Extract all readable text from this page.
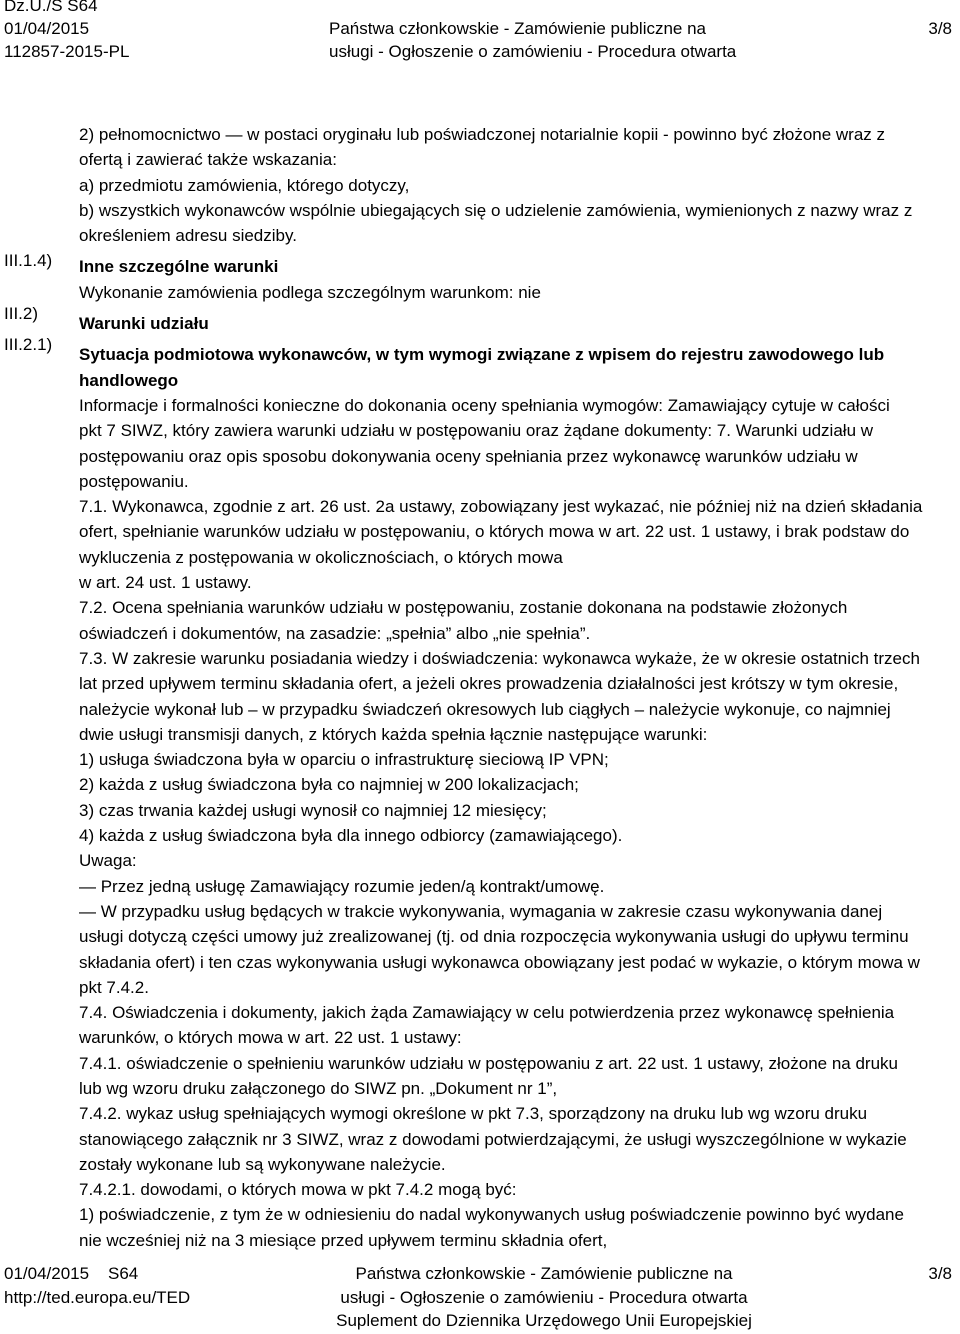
Dz.U./S S64
01/04/2015
112857-2015-PL
Państwa członkowskie - Zamówienie publiczne na
usługi - Ogłoszenie o zamówieniu - Procedura otwarta
3/8
III.1.4)
III.2)
III.2.1)

2) pełnomocnictwo — w postaci oryginału lub poświadczonej notarialnie kopii - powinno być złożone wraz z
ofertą i zawierać także wskazania:
a) przedmiotu zamówienia, którego dotyczy,
b) wszystkich wykonawców wspólnie ubiegających się o udzielenie zamówienia, wymienionych z nazwy wraz z
określeniem adresu siedziby.

Inne szczególne warunki

Wykonanie zamówienia podlega szczególnym warunkom: nie

Warunki udziału

Sytuacja podmiotowa wykonawców, w tym wymogi związane z wpisem do rejestru zawodowego lub
handlowego

Informacje i formalności konieczne do dokonania oceny spełniania wymogów: Zamawiający cytuje w całości
pkt 7 SIWZ, który zawiera warunki udziału w postępowaniu oraz żądane dokumenty: 7. Warunki udziału w
postępowaniu oraz opis sposobu dokonywania oceny spełniania przez wykonawcę warunków udziału w
postępowaniu.
7.1. Wykonawca, zgodnie z art. 26 ust. 2a ustawy, zobowiązany jest wykazać, nie później niż na dzień składania
ofert, spełnianie warunków udziału w postępowaniu, o których mowa w art. 22 ust. 1 ustawy, i brak podstaw do
wykluczenia z postępowania w okolicznościach, o których mowa
w art. 24 ust. 1 ustawy.
7.2. Ocena spełniania warunków udziału w postępowaniu, zostanie dokonana na podstawie złożonych
oświadczeń i dokumentów, na zasadzie: „spełnia” albo „nie spełnia”.
7.3. W zakresie warunku posiadania wiedzy i doświadczenia: wykonawca wykaże, że w okresie ostatnich trzech
lat przed upływem terminu składania ofert, a jeżeli okres prowadzenia działalności jest krótszy w tym okresie,
należycie wykonał lub – w przypadku świadczeń okresowych lub ciągłych – należycie wykonuje, co najmniej
dwie usługi transmisji danych, z których każda spełnia łącznie następujące warunki:
1) usługa świadczona była w oparciu o infrastrukturę sieciową IP VPN;
2) każda z usług świadczona była co najmniej w 200 lokalizacjach;
3) czas trwania każdej usługi wynosił co najmniej 12 miesięcy;
4) każda z usług świadczona była dla innego odbiorcy (zamawiającego).
Uwaga:
― Przez jedną usługę Zamawiający rozumie jeden/ą kontrakt/umowę.
― W przypadku usług będących w trakcie wykonywania, wymagania w zakresie czasu wykonywania danej
usługi dotyczą części umowy już zrealizowanej (tj. od dnia rozpoczęcia wykonywania usługi do upływu terminu
składania ofert) i ten czas wykonywania usługi wykonawca obowiązany jest podać w wykazie, o którym mowa w
pkt 7.4.2.
7.4. Oświadczenia i dokumenty, jakich żąda Zamawiający w celu potwierdzenia przez wykonawcę spełnienia
warunków, o których mowa w art. 22 ust. 1 ustawy:
7.4.1. oświadczenie o spełnieniu warunków udziału w postępowaniu z art. 22 ust. 1 ustawy, złożone na druku
lub wg wzoru druku załączonego do SIWZ pn. „Dokument nr 1”,
7.4.2. wykaz usług spełniających wymogi określone w pkt 7.3, sporządzony na druku lub wg wzoru druku
stanowiącego załącznik nr 3 SIWZ, wraz z dowodami potwierdzającymi, że usługi wyszczególnione w wykazie
zostały wykonane lub są wykonywane należycie.
7.4.2.1. dowodami, o których mowa w pkt 7.4.2 mogą być:
1) poświadczenie, z tym że w odniesieniu do nadal wykonywanych usług poświadczenie powinno być wydane
nie wcześniej niż na 3 miesiące przed upływem terminu składnia ofert,

01/04/2015 S64
http://ted.europa.eu/TED
Państwa członkowskie - Zamówienie publiczne na
usługi - Ogłoszenie o zamówieniu - Procedura otwarta
Suplement do Dziennika Urzędowego Unii Europejskiej
3/8
